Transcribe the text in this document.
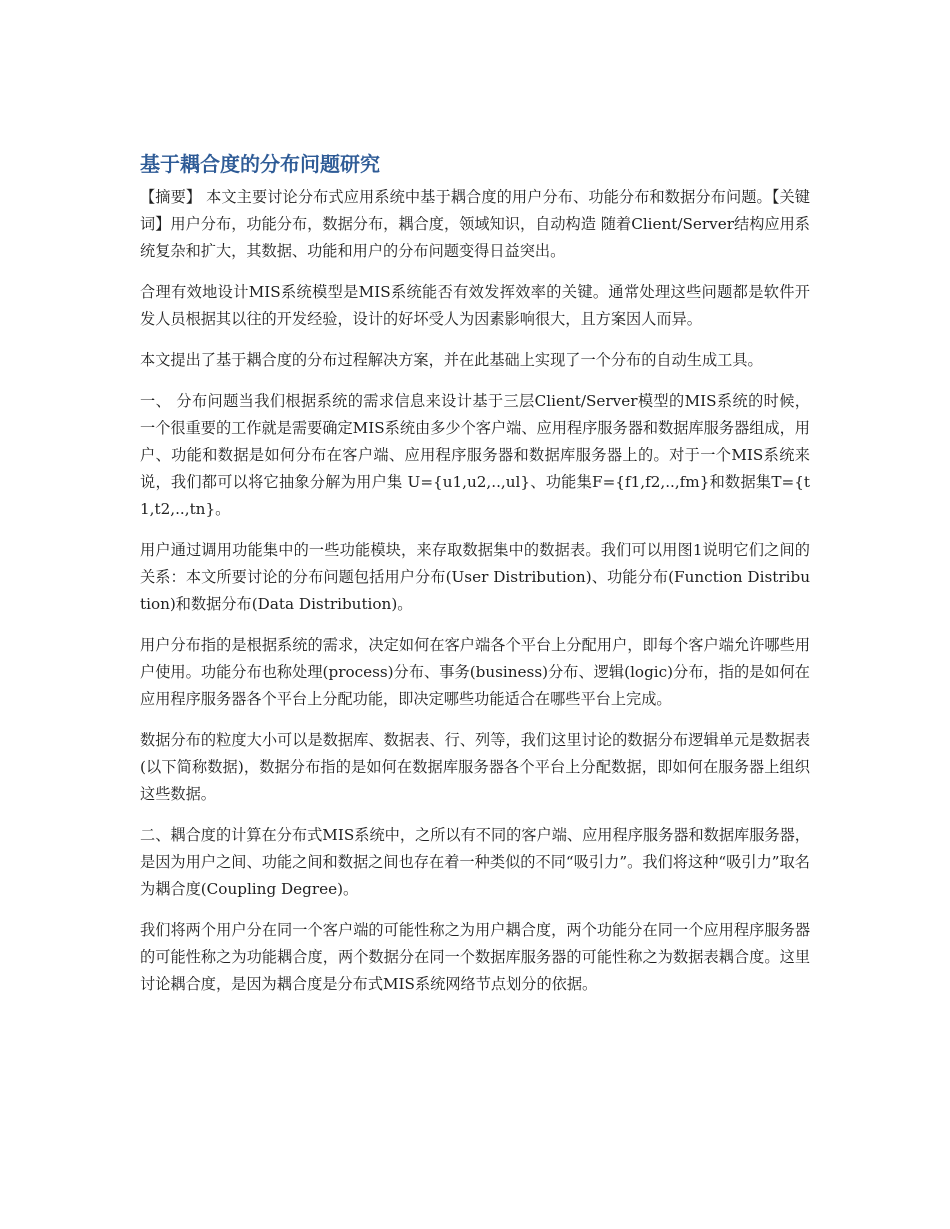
基于耦合度的分布问题研究

【摘要】 本文主要讨论分布式应用系统中基于耦合度的用户分布、功能分布和数据分布问题。【关键词】用户分布，功能分布，数据分布，耦合度，领域知识，自动构造 随着Client/Server结构应用系统复杂和扩大，其数据、功能和用户的分布问题变得日益突出。

合理有效地设计MIS系统模型是MIS系统能否有效发挥效率的关键。通常处理这些问题都是软件开发人员根据其以往的开发经验，设计的好坏受人为因素影响很大，且方案因人而异。

本文提出了基于耦合度的分布过程解决方案，并在此基础上实现了一个分布的自动生成工具。

一、 分布问题当我们根据系统的需求信息来设计基于三层Client/Server模型的MIS系统的时候，一个很重要的工作就是需要确定MIS系统由多少个客户端、应用程序服务器和数据库服务器组成，用户、功能和数据是如何分布在客户端、应用程序服务器和数据库服务器上的。对于一个MIS系统来说，我们都可以将它抽象分解为用户集 U={u1,u2,..,ul}、功能集F={f1,f2,..,fm}和数据集T={t1,t2,..,tn}。

用户通过调用功能集中的一些功能模块，来存取数据集中的数据表。我们可以用图1说明它们之间的关系：本文所要讨论的分布问题包括用户分布(User Distribution)、功能分布(Function Distribution)和数据分布(Data Distribution)。

用户分布指的是根据系统的需求，决定如何在客户端各个平台上分配用户，即每个客户端允许哪些用户使用。功能分布也称处理(process)分布、事务(business)分布、逻辑(logic)分布，指的是如何在应用程序服务器各个平台上分配功能，即决定哪些功能适合在哪些平台上完成。

数据分布的粒度大小可以是数据库、数据表、行、列等，我们这里讨论的数据分布逻辑单元是数据表(以下简称数据)，数据分布指的是如何在数据库服务器各个平台上分配数据，即如何在服务器上组织这些数据。

二、耦合度的计算在分布式MIS系统中，之所以有不同的客户端、应用程序服务器和数据库服务器，是因为用户之间、功能之间和数据之间也存在着一种类似的不同“吸引力”。我们将这种“吸引力”取名为耦合度(Coupling Degree)。

我们将两个用户分在同一个客户端的可能性称之为用户耦合度，两个功能分在同一个应用程序服务器的可能性称之为功能耦合度，两个数据分在同一个数据库服务器的可能性称之为数据表耦合度。这里讨论耦合度，是因为耦合度是分布式MIS系统网络节点划分的依据。
